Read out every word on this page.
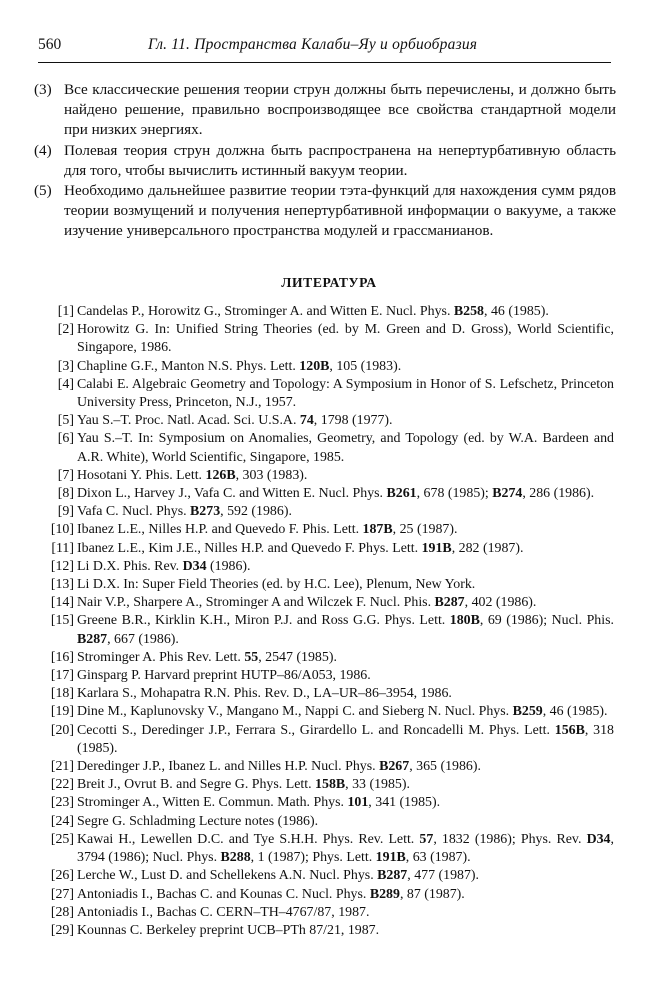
560	Гл. 11. Пространства Калаби–Яу и орбиобразия
(3) Все классические решения теории струн должны быть перечислены, и должно быть найдено решение, правильно воспроизводящее все свойства стандартной модели при низких энергиях.
(4) Полевая теория струн должна быть распространена на непертурбативную область для того, чтобы вычислить истинный вакуум теории.
(5) Необходимо дальнейшее развитие теории тэта-функций для нахождения сумм рядов теории возмущений и получения непертурбативной информации о вакууме, а также изучение универсального пространства модулей и грассманианов.
ЛИТЕРАТУРА
[1] Candelas P., Horowitz G., Strominger A. and Witten E. Nucl. Phys. B258, 46 (1985).
[2] Horowitz G. In: Unified String Theories (ed. by M. Green and D. Gross), World Scientific, Singapore, 1986.
[3] Chapline G.F., Manton N.S. Phys. Lett. 120B, 105 (1983).
[4] Calabi E. Algebraic Geometry and Topology: A Symposium in Honor of S. Lefschetz, Princeton University Press, Princeton, N.J., 1957.
[5] Yau S.–T. Proc. Natl. Acad. Sci. U.S.A. 74, 1798 (1977).
[6] Yau S.–T. In: Symposium on Anomalies, Geometry, and Topology (ed. by W.A. Bardeen and A.R. White), World Scientific, Singapore, 1985.
[7] Hosotani Y. Phis. Lett. 126B, 303 (1983).
[8] Dixon L., Harvey J., Vafa C. and Witten E. Nucl. Phys. B261, 678 (1985); B274, 286 (1986).
[9] Vafa C. Nucl. Phys. B273, 592 (1986).
[10] Ibanez L.E., Nilles H.P. and Quevedo F. Phis. Lett. 187B, 25 (1987).
[11] Ibanez L.E., Kim J.E., Nilles H.P. and Quevedo F. Phys. Lett. 191B, 282 (1987).
[12] Li D.X. Phis. Rev. D34 (1986).
[13] Li D.X. In: Super Field Theories (ed. by H.C. Lee), Plenum, New York.
[14] Nair V.P., Sharpere A., Strominger A and Wilczek F. Nucl. Phis. B287, 402 (1986).
[15] Greene B.R., Kirklin K.H., Miron P.J. and Ross G.G. Phys. Lett. 180B, 69 (1986); Nucl. Phis. B287, 667 (1986).
[16] Strominger A. Phis Rev. Lett. 55, 2547 (1985).
[17] Ginsparg P. Harvard preprint HUTP–86/A053, 1986.
[18] Karlara S., Mohapatra R.N. Phis. Rev. D., LA–UR–86–3954, 1986.
[19] Dine M., Kaplunovsky V., Mangano M., Nappi C. and Sieberg N. Nucl. Phys. B259, 46 (1985).
[20] Cecotti S., Deredinger J.P., Ferrara S., Girardello L. and Roncadelli M. Phys. Lett. 156B, 318 (1985).
[21] Deredinger J.P., Ibanez L. and Nilles H.P. Nucl. Phys. B267, 365 (1986).
[22] Breit J., Ovrut B. and Segre G. Phys. Lett. 158B, 33 (1985).
[23] Strominger A., Witten E. Commun. Math. Phys. 101, 341 (1985).
[24] Segre G. Schladming Lecture notes (1986).
[25] Kawai H., Lewellen D.C. and Tye S.H.H. Phys. Rev. Lett. 57, 1832 (1986); Phys. Rev. D34, 3794 (1986); Nucl. Phys. B288, 1 (1987); Phys. Lett. 191B, 63 (1987).
[26] Lerche W., Lust D. and Schellekens A.N. Nucl. Phys. B287, 477 (1987).
[27] Antoniadis I., Bachas C. and Kounas C. Nucl. Phys. B289, 87 (1987).
[28] Antoniadis I., Bachas C. CERN–TH–4767/87, 1987.
[29] Kounnas C. Berkeley preprint UCB–PTh 87/21, 1987.
